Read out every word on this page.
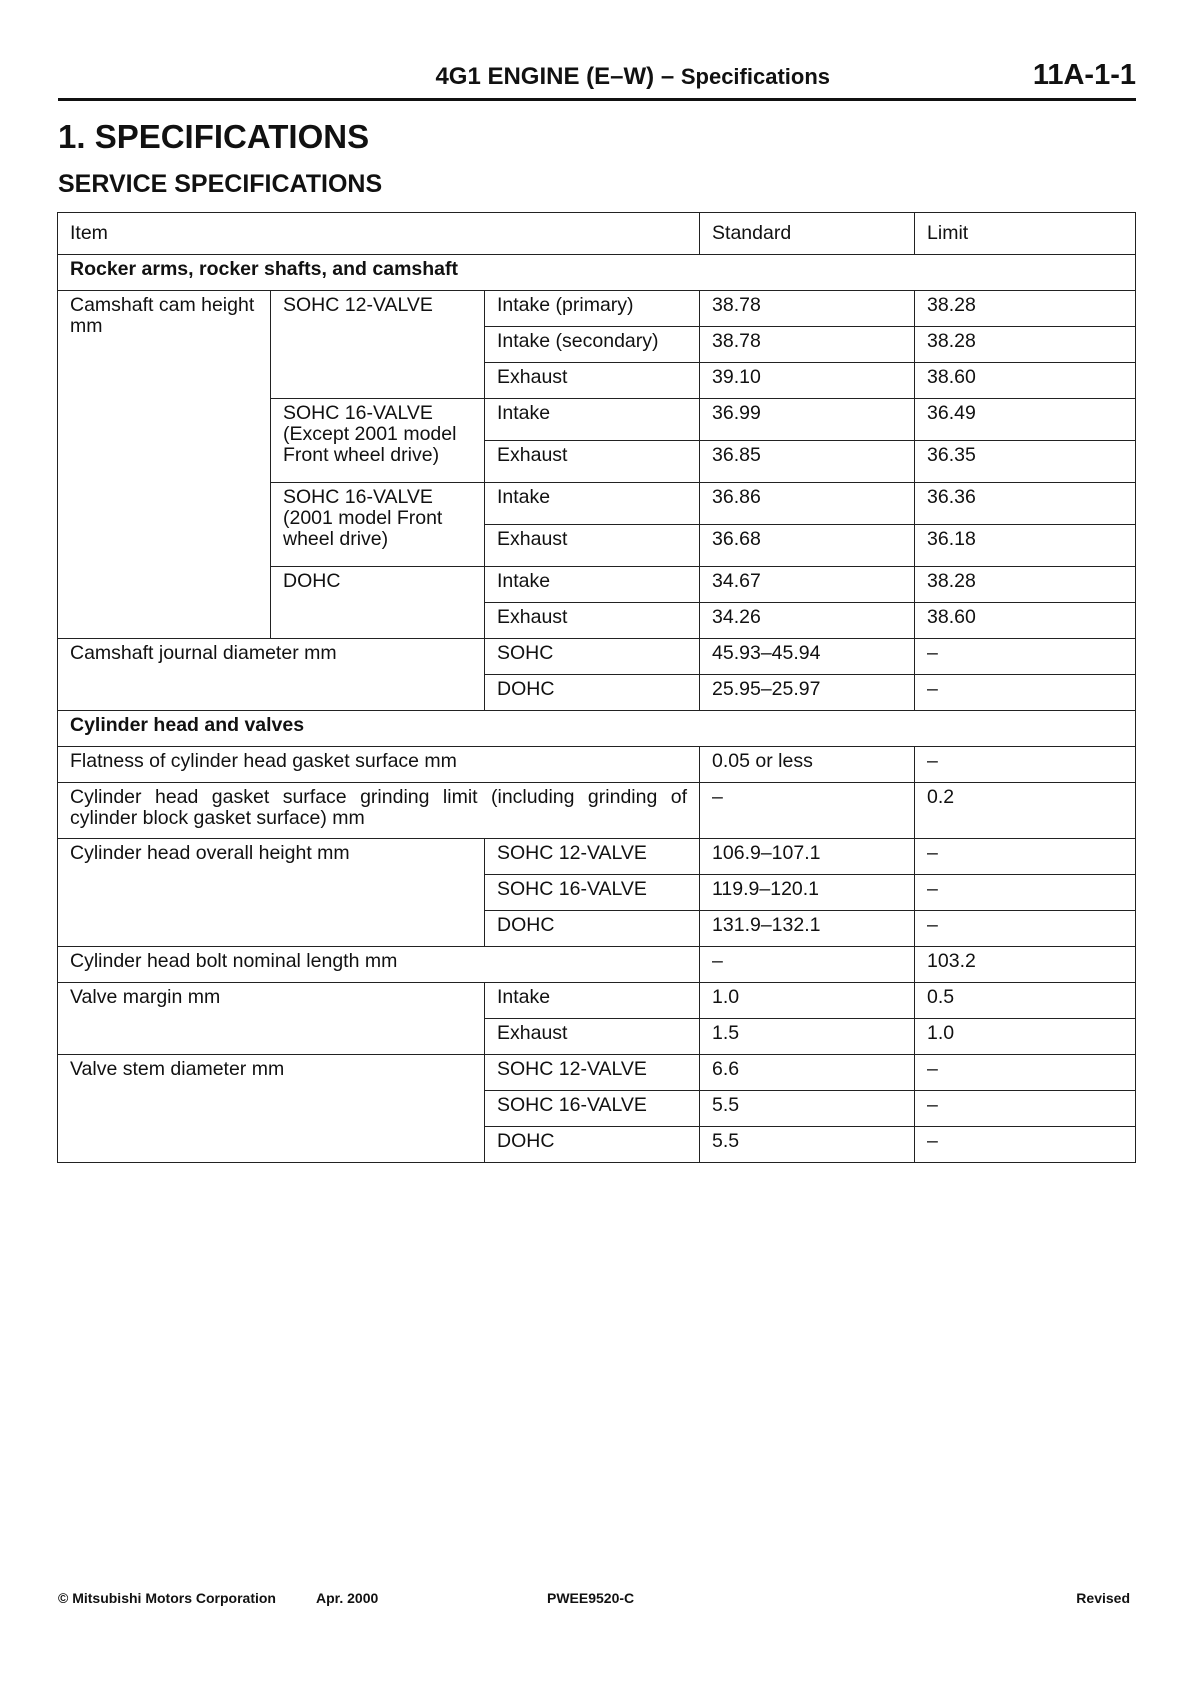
4G1 ENGINE (E–W) – Specifications	11A-1-1
1. SPECIFICATIONS
SERVICE SPECIFICATIONS
Item			Standard	Limit
Rocker arms, rocker shafts, and camshaft				
Camshaft cam height mm	SOHC 12-VALVE	Intake (primary)	38.78	38.28
		Intake (secondary)	38.78	38.28
		Exhaust	39.10	38.60
	SOHC 16-VALVE (Except 2001 model Front wheel drive)	Intake	36.99	36.49
		Exhaust	36.85	36.35
	SOHC 16-VALVE (2001 model Front wheel drive)	Intake	36.86	36.36
		Exhaust	36.68	36.18
	DOHC	Intake	34.67	38.28
		Exhaust	34.26	38.60
Camshaft journal diameter mm		SOHC	45.93–45.94	–
		DOHC	25.95–25.97	–
Cylinder head and valves				
Flatness of cylinder head gasket surface mm			0.05 or less	–
Cylinder head gasket surface grinding limit (including grinding of cylinder block gasket surface) mm			–	0.2
Cylinder head overall height mm		SOHC 12-VALVE	106.9–107.1	–
		SOHC 16-VALVE	119.9–120.1	–
		DOHC	131.9–132.1	–
Cylinder head bolt nominal length mm			–	103.2
Valve margin mm		Intake	1.0	0.5
		Exhaust	1.5	1.0
Valve stem diameter mm		SOHC 12-VALVE	6.6	–
		SOHC 16-VALVE	5.5	–
		DOHC	5.5	–
© Mitsubishi Motors Corporation	Apr. 2000	PWEE9520-C	Revised
